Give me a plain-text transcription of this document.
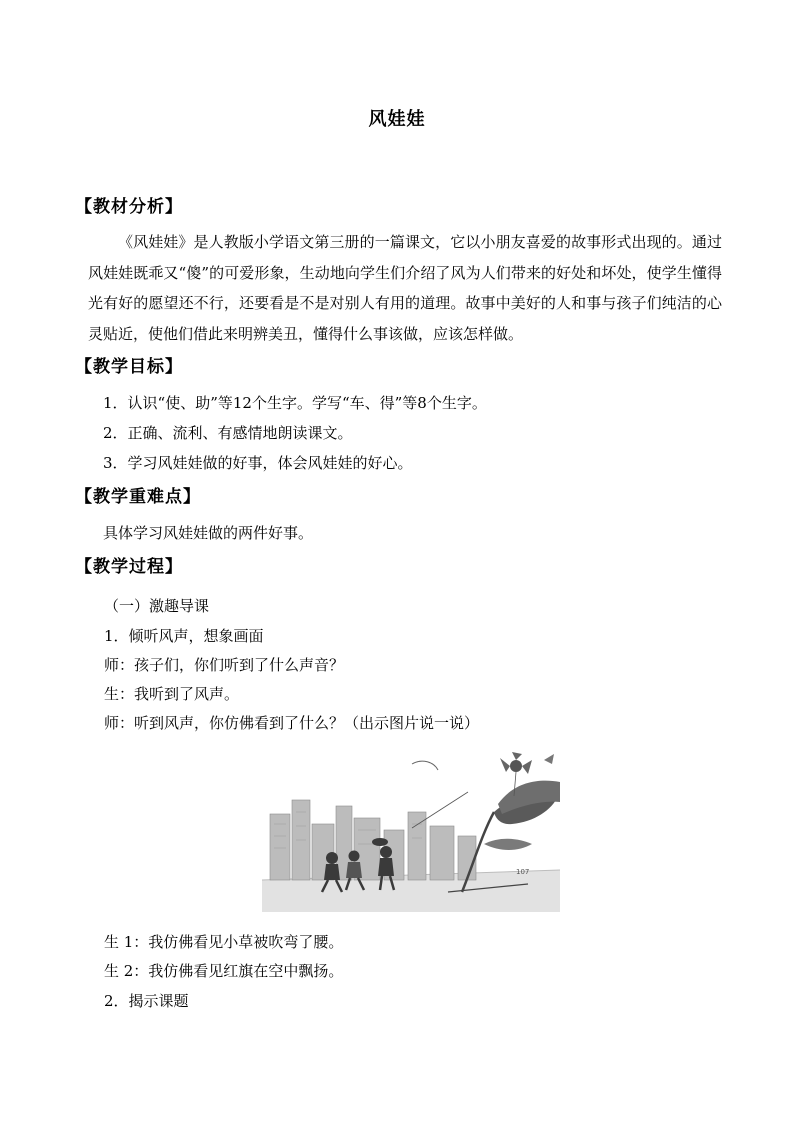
风娃娃
【教材分析】
《风娃娃》是人教版小学语文第三册的一篇课文，它以小朋友喜爱的故事形式出现的。通过风娃娃既乖又“傻”的可爱形象，生动地向学生们介绍了风为人们带来的好处和坏处，使学生懂得光有好的愿望还不行，还要看是不是对别人有用的道理。故事中美好的人和事与孩子们纯洁的心灵贴近，使他们借此来明辨美丑，懂得什么事该做，应该怎样做。
【教学目标】
1．认识“使、助”等12个生字。学写“车、得”等8个生字。
2．正确、流利、有感情地朗读课文。
3．学习风娃娃做的好事，体会风娃娃的好心。
【教学重难点】
具体学习风娃娃做的两件好事。
【教学过程】
（一）激趣导课
1．倾听风声，想象画面
师：孩子们，你们听到了什么声音？
生：我听到了风声。
师：听到风声，你仿佛看到了什么？（出示图片说一说）
107
生 1：我仿佛看见小草被吹弯了腰。
生 2：我仿佛看见红旗在空中飘扬。
2．揭示课题
